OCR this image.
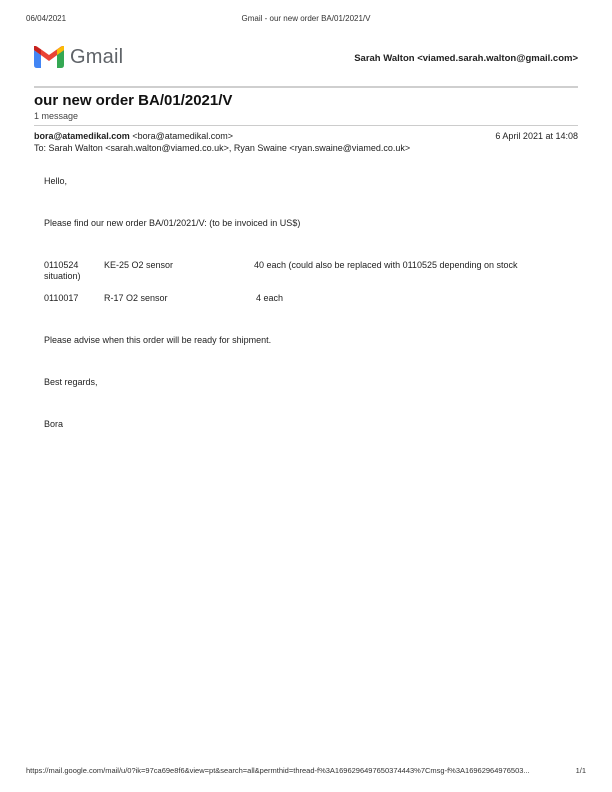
06/04/2021	Gmail - our new order BA/01/2021/V
Gmail	Sarah Walton <viamed.sarah.walton@gmail.com>
our new order BA/01/2021/V
1 message
bora@atamedikal.com <bora@atamedikal.com>	6 April 2021 at 14:08
To: Sarah Walton <sarah.walton@viamed.co.uk>, Ryan Swaine <ryan.swaine@viamed.co.uk>
Hello,
Please find our new order BA/01/2021/V: (to be invoiced in US$)
0110524	KE-25 O2 sensor	40 each (could also be replaced with 0110525 depending on stock
situation)
0110017	R-17 O2 sensor	4 each
Please advise when this order will be ready for shipment.
Best regards,
Bora
https://mail.google.com/mail/u/0?ik=97ca69e8f6&view=pt&search=all&permthid=thread-f%3A1696296497650374443%7Cmsg-f%3A16962964976503...	1/1
